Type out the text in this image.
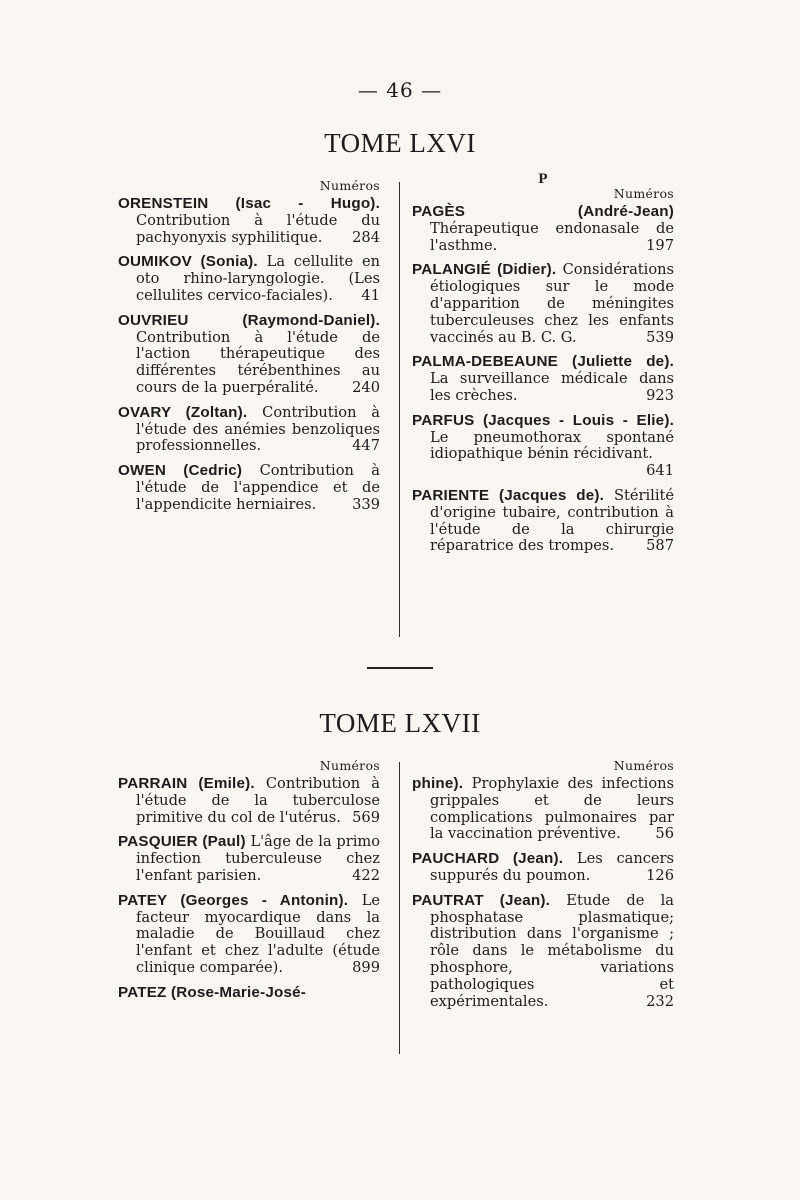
— 46 —
TOME LXVI
Numéros
ORENSTEIN (Isac - Hugo). Contribution à l'étude du pachyonyxis syphilitique. 284
OUMIKOV (Sonia). La cellulite en oto rhino-laryngologie. (Les cellulites cervico-faciales). 41
OUVRIEU (Raymond-Daniel). Contribution à l'étude de l'action thérapeutique des différentes térébenthines au cours de la puerpéralité. 240
OVARY (Zoltan). Contribution à l'étude des anémies benzoliques professionnelles.	447
OWEN (Cedric) Contribution à l'étude de l'appendice et de l'appendicite herniaires. 339
P
Numéros
PAGÈS (André-Jean) Thérapeutique endonasale de l'asthme.	197
PALANGIÉ (Didier). Considérations étiologiques sur le mode d'apparition de méningites tuberculeuses chez les enfants vaccinés au B. C. G.	539
PALMA-DEBEAUNE (Juliette de). La surveillance médicale dans les crèches.	923
PARFUS (Jacques - Louis - Elie). Le pneumothorax spontané idiopathique bénin récidivant.
641
PARIENTE (Jacques de). Stérilité d'origine tubaire, contribution à l'étude de la chirurgie réparatrice des trompes. 587
TOME LXVII
Numéros
PARRAIN (Emile). Contribution à l'étude de la tuberculose primitive du col de l'utérus. 569
PASQUIER (Paul) L'âge de la primo infection tuberculeuse chez l'enfant parisien.	422
PATEY (Georges - Antonin). Le facteur myocardique dans la maladie de Bouillaud chez l'enfant et chez l'adulte (étude clinique comparée).	899
PATEZ (Rose-Marie-José-
Numéros
phine). Prophylaxie des infections grippales et de leurs complications pulmonaires par la vaccination préventive. 56
PAUCHARD (Jean). Les cancers suppurés du poumon.	126
PAUTRAT (Jean). Etude de la phosphatase plasmatique; distribution dans l'organisme ; rôle dans le métabolisme du phosphore, variations pathologiques et expérimentales.	232
